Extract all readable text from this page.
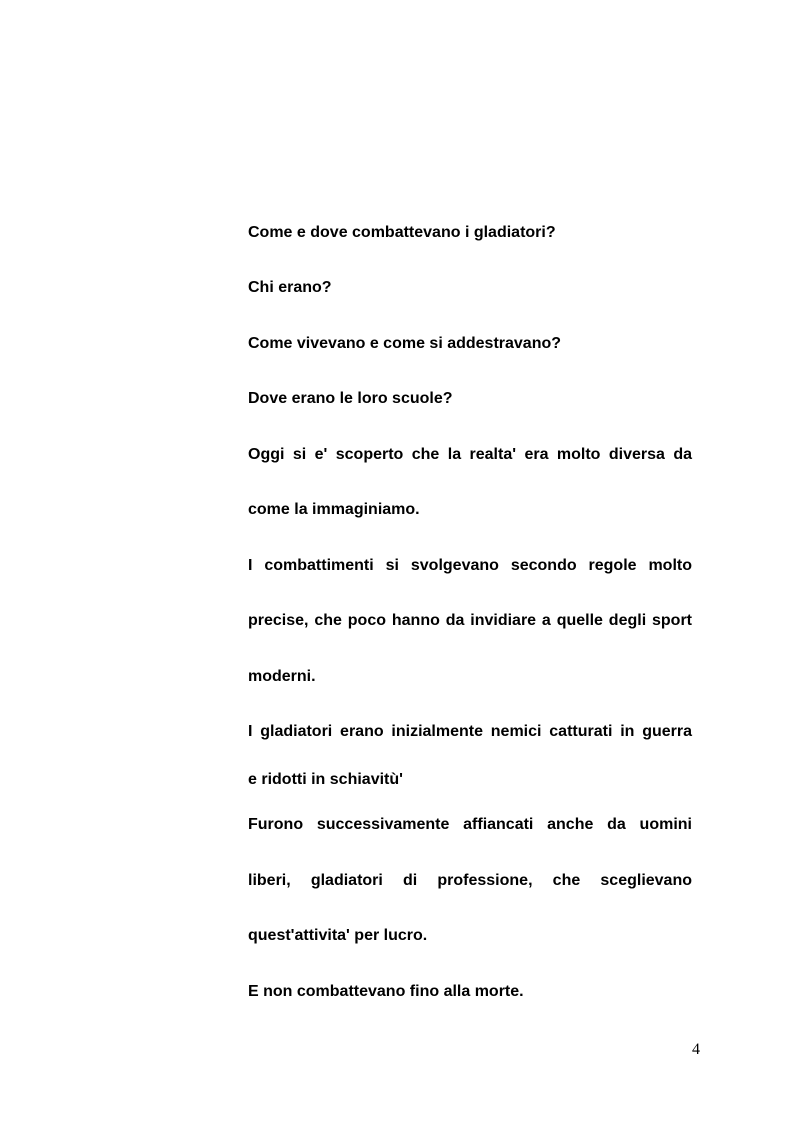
Come e dove combattevano i gladiatori?

Chi erano?

Come vivevano e come si addestravano?

Dove erano le loro scuole?

Oggi si e' scoperto che la realta' era molto diversa da

come la immaginiamo.

I combattimenti si svolgevano secondo regole molto

precise, che poco hanno da invidiare a quelle degli sport

moderni.

I gladiatori erano inizialmente nemici catturati in guerra

e ridotti in schiavitù'

Furono successivamente affiancati anche da uomini

liberi, gladiatori di professione, che sceglievano

quest'attivita' per lucro.

E non combattevano fino alla morte.

4
